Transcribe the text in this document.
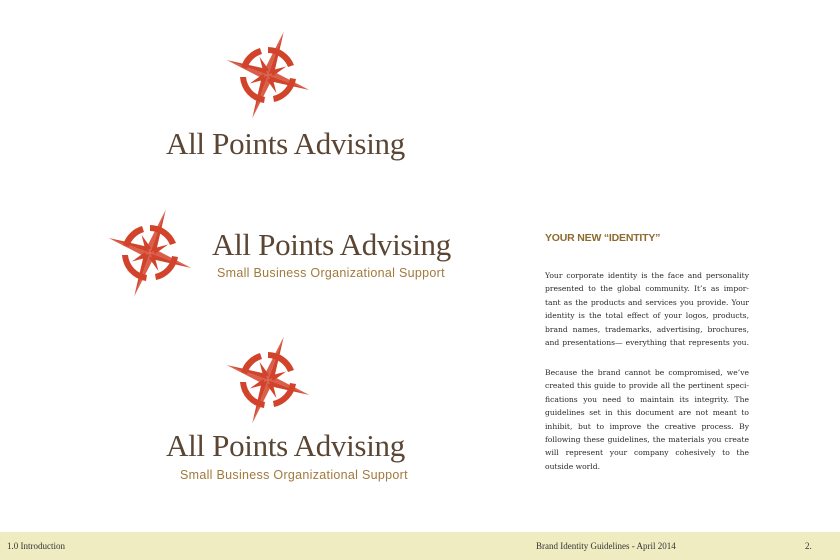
All Points Advising
All Points Advising
Small Business Organizational Support
All Points Advising
Small Business Organizational Support
YOUR NEW “IDENTITY”
Your corporate identity is the face and personality
presented to the global community. It’s as impor-
tant as the products and services you provide. Your
identity is the total effect of your logos, products,
brand names, trademarks, advertising, brochures,
and presentations— everything that represents you.
Because the brand cannot be compromised, we’ve
created this guide to provide all the pertinent speci-
fications you need to maintain its integrity. The
guidelines set in this document are not meant to
inhibit, but to improve the creative process. By
following these guidelines, the materials you create
will represent your company cohesively to the
outside world.
1.0 Introduction	Brand Identity Guidelines - April 2014	2.
